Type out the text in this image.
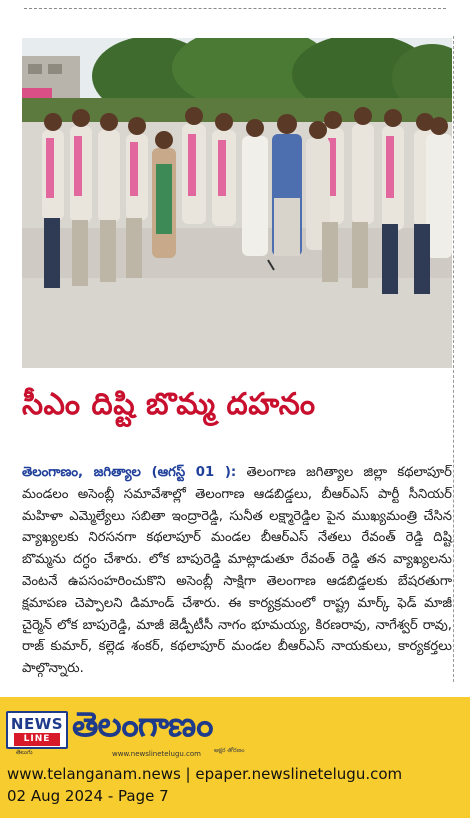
సీఎం దిష్టి బొమ్మ దహనం
తెలంగాణం, జగిత్యాల (ఆగస్ట్ 01 ): తెలంగాణ జగిత్యాల జిల్లా కథలాపూర్ మండలం అసెంబ్లీ సమావేశాల్లో తెలంగాణ ఆడబిడ్డలు, బీఆర్ఎస్ పార్టీ సీనియర్ మహిళా ఎమ్మెల్యేలు సబితా ఇంద్రారెడ్డి, సునీత లక్ష్మారెడ్డిల పైన ముఖ్యమంత్రి చేసిన వ్యాఖ్యలకు నిరసనగా కథలాపూర్ మండల బీఆర్ఎస్ నేతలు రేవంత్ రెడ్డి దిష్టి బొమ్మను దగ్ధం చేశారు. లోక బాపురెడ్డి మాట్లాడుతూ రేవంత్ రెడ్డి తన వ్యాఖ్యలను వెంటనే ఉపసంహరించుకొని అసెంబ్లీ సాక్షిగా తెలంగాణ ఆడబిడ్డలకు బేషరతుగా క్షమాపణ చెప్పాలని డిమాండ్ చేశారు. ఈ కార్యక్రమంలో రాష్ట్ర మార్క్ ఫెడ్ మాజీ చైర్మెన్ లోక బాపురెడ్డి, మాజీ జెడ్పీటీసీ నాగం భూమయ్య, కిరణరావు, నాగేశ్వర్ రావు, రాజ్ కుమార్, కల్లెడ శంకర్, కథలాపూర్ మండల బీఆర్ఎస్ నాయకులు, కార్యకర్తలు పాల్గొన్నారు.
NEWS
LINE
తెలుగు
తెలంగాణం
అక్షర తోరణం
www.newslinetelugu.com
www.telanganam.news | epaper.newslinetelugu.com
02 Aug 2024 - Page 7
